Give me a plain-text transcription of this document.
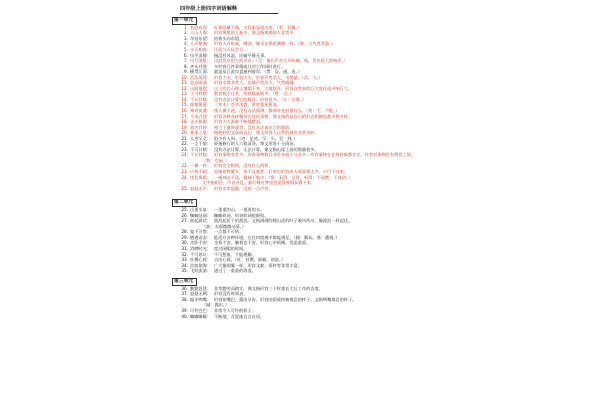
四年级上册四字词语解释
第一单元
1. 若隐若现： 好象隐藏不露，又好象显现出来。（若：好像。）
2. 人山人海： 形容聚集的人极多，课文指观潮的人非常多。
3. 昂首东望： 抬着头向东望。
4. 人声鼎沸： 形容人声喧闹，嘈杂，像水在锅里沸腾一样。（鼎：古代者食器。）
5. 水天相接： 江面与天际会合。
6. 风平浪静： 指没有风浪，比喻平静无事。
7. 风号浪吼： 风浪发出很大的声音。（号：拖长声音大声叫喊，吼，发出很大的响声。）
8. 齐头并进： 多形容几件事情或几项工作同时进行。
9. 横贯江面： 就是从江此岸直通到彼岸。（贯：穿，通，连。）
10. 浩浩荡荡： 形容大水，形容大水，形容声势浩大，水势猛。（浩：大。）
11. 恣态顾涌： 形容水势非常大，比喻声势浩大，气势磅礴。
12. 山崩地裂： 山上的岩石和土壤塌下来，大地裂开。形容自然界的巨大变化或声响巨大。
13. 不可胜数： 数也数不过来，形容数量极多。（胜：尽。）
14. 不计其数： 没有办法计算它的数目，形容很多。（计：计算。）
15. 郁郁葱葱： （草木）苍翠茂盛，浓密葱茏葱茏。
16. 神奇莫测： 使人摸不透，没有办法猜测，都神奇变幻着什么。（莫：不，不能。）
17. 千奇百怪： 形容各种各样稀奇古怪的事物。课文指的是岩石的形态和颜色都多种多样。
18. 圣火源源： 形容大火源源不断地燃起。
19. 莫名其妙： 相当于奥妙或者，没有办法说出它的奥妙。
20. 神来之笔： 指绝妙的文章或词句，课文形容大自然的神奇非常奇妙。
21. 人迹罕至： 很少有人到。（迹：足迹。罕：少。至：到。）
22. 一尘不染： 原指修行的人六根清净，课文形容十分清洁。
23. 不可计数： 没有办法计算，无法计算。课文指山崖上面的数量很多。
24. 不计其数： 形容事物非常多。形容事物数目非常多或十分众多；形容事物在任何时候都存在，作者对事物怀有赞赏之情。
（数：空闲。）
22. 一模一样： 形容完全相同，没有什么两样。
23. 应接不暇： 原指景物繁多，来不及观赏，后来也形容来人或事情太多，应付不过来。
24. 忧危惧惧： 一指神态不清，精神不集中；（惧：看得，记得，听得；不清楚，不真切。）
文中指阴冷，声音杂乱，最后睡在梦里也觉得神情安静下来。
25. 寂寂无声： 形容非常寂静，没有一点声音。
第二单元
25. 山重水复： 一重重的山，一道道的水。
26. 蜘蛛结网： 蜘蛛织网，形容织网很细致。
27. 波起波伏： 波浪起伏个的波浪。文指满满的爬山虎的叶子被风吹动，像波浪一样起伏。
（波：水面微微动荡。）
28. 毫不可惜： 一点都不可惜。
29. 随遇而安： 能适应各种环境，在任何境遇中都能满足。（随：顺从。遇：遭遇。）
30. 坐卧不安： 坐着不安，躺着也不安，形容心中烦躁，忧虑重重。
31. 消磨时光： 度过闲暇的时间。
32. 不可思议： 不可想象，不能理解。
33. 杜撰心裁： 自出心裁。（杜：杜撰，新颖，创造。）
34. 浩如烟海： 广大像烟雾一样，形容文献，资料等非常丰富。
35. 飞跃流淌： 通过了一重重的海浪。
第三单元
36. 勤勤恳恳： 非常勤劳而踏实，课文指形容三个牧童长大后工作的态度。
37. 悬悬无期： 形容没有时间表。
38. 敲牙咧嘴： 形容张嘴巴，露出牙齿。形容凶狠或疼痛难忍的样子。文指咧嘴难忍的样子。
（敲：露出。）
39. 可怜巴巴： 非常令人可怜的样子。
40. 嘟嘟嚷嚷： 不断地，含混地自言自语。
